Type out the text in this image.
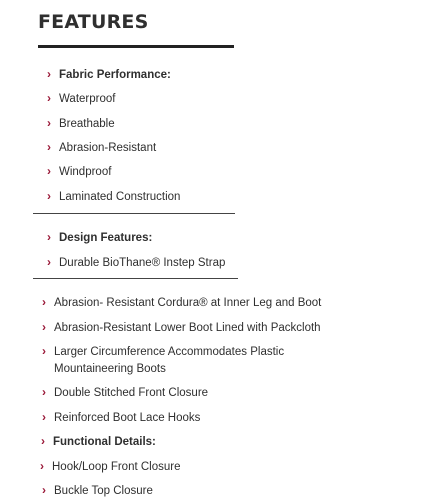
FEATURES
› Fabric Performance:
› Waterproof
› Breathable
› Abrasion-Resistant
› Windproof
› Laminated Construction
› Design Features:
› Durable BioThane® Instep Strap
› Abrasion- Resistant Cordura® at Inner Leg and Boot
› Abrasion-Resistant Lower Boot Lined with Packcloth
› Larger Circumference Accommodates Plastic
Mountaineering Boots
› Double Stitched Front Closure
› Reinforced Boot Lace Hooks
› Functional Details:
› Hook/Loop Front Closure
› Buckle Top Closure
